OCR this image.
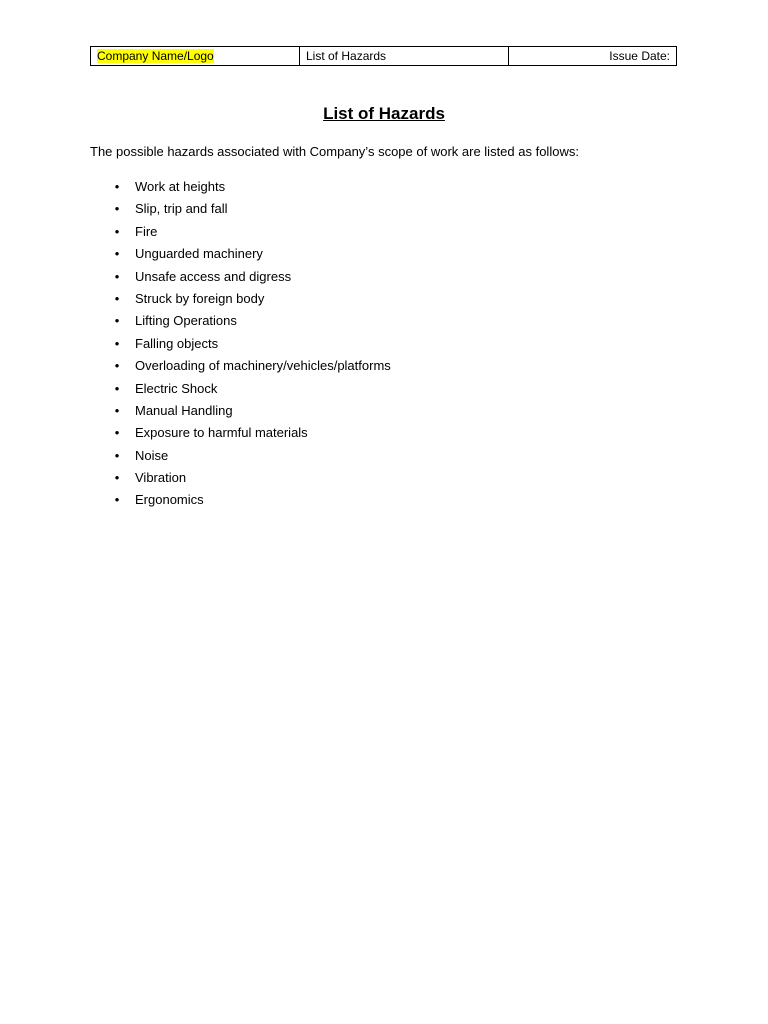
Company Name/Logo	List of Hazards	Issue Date:
List of Hazards
The possible hazards associated with Company’s scope of work are listed as follows:
• Work at heights
• Slip, trip and fall
• Fire
• Unguarded machinery
• Unsafe access and digress
• Struck by foreign body
• Lifting Operations
• Falling objects
• Overloading of machinery/vehicles/platforms
• Electric Shock
• Manual Handling
• Exposure to harmful materials
• Noise
• Vibration
• Ergonomics
